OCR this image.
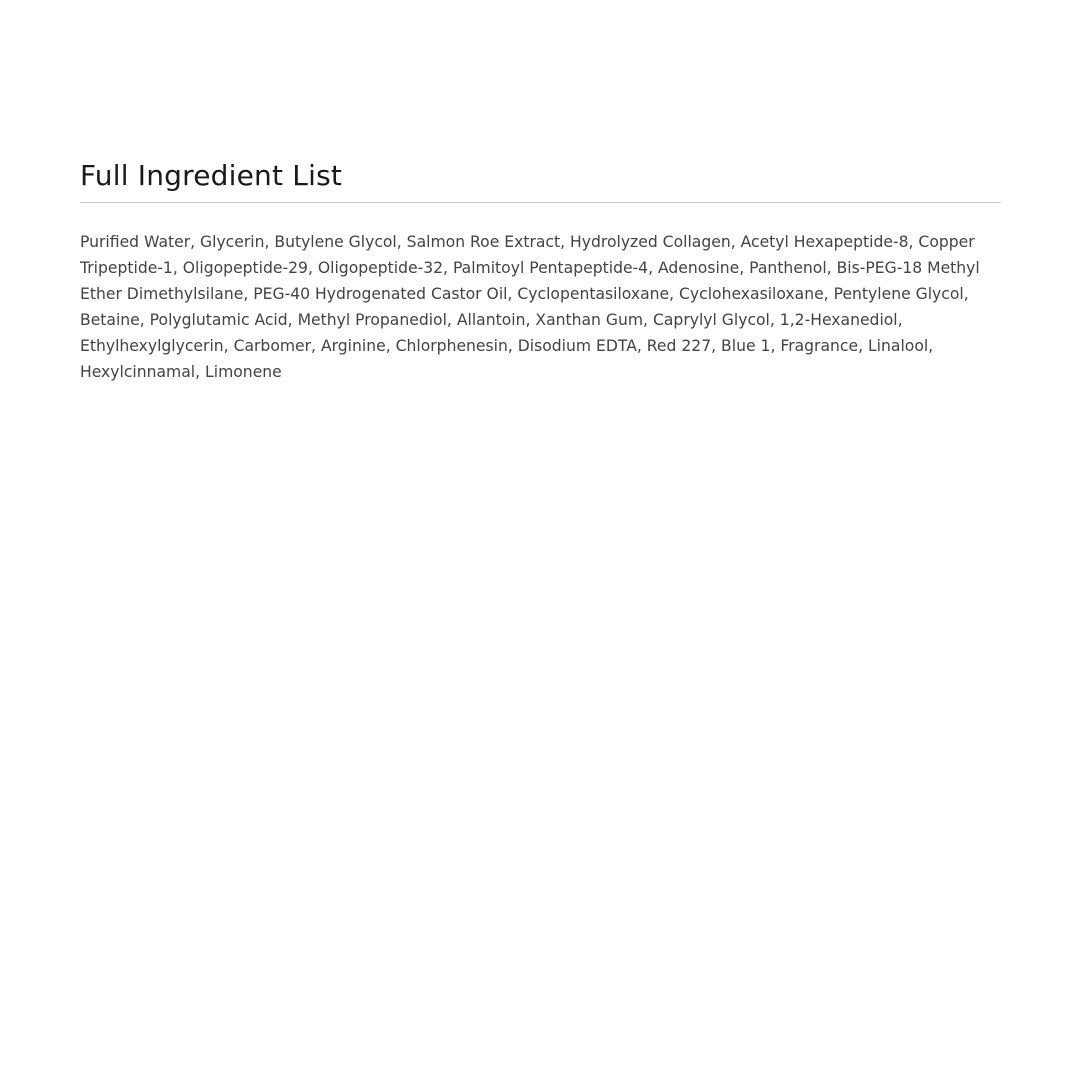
Full Ingredient List

Purified Water, Glycerin, Butylene Glycol, Salmon Roe Extract, Hydrolyzed Collagen, Acetyl Hexapeptide-8, Copper Tripeptide-1, Oligopeptide-29, Oligopeptide-32, Palmitoyl Pentapeptide-4, Adenosine, Panthenol, Bis-PEG-18 Methyl Ether Dimethylsilane, PEG-40 Hydrogenated Castor Oil, Cyclopentasiloxane, Cyclohexasiloxane, Pentylene Glycol, Betaine, Polyglutamic Acid, Methyl Propanediol, Allantoin, Xanthan Gum, Caprylyl Glycol, 1,2-Hexanediol, Ethylhexylglycerin, Carbomer, Arginine, Chlorphenesin, Disodium EDTA, Red 227, Blue 1, Fragrance, Linalool, Hexylcinnamal, Limonene
